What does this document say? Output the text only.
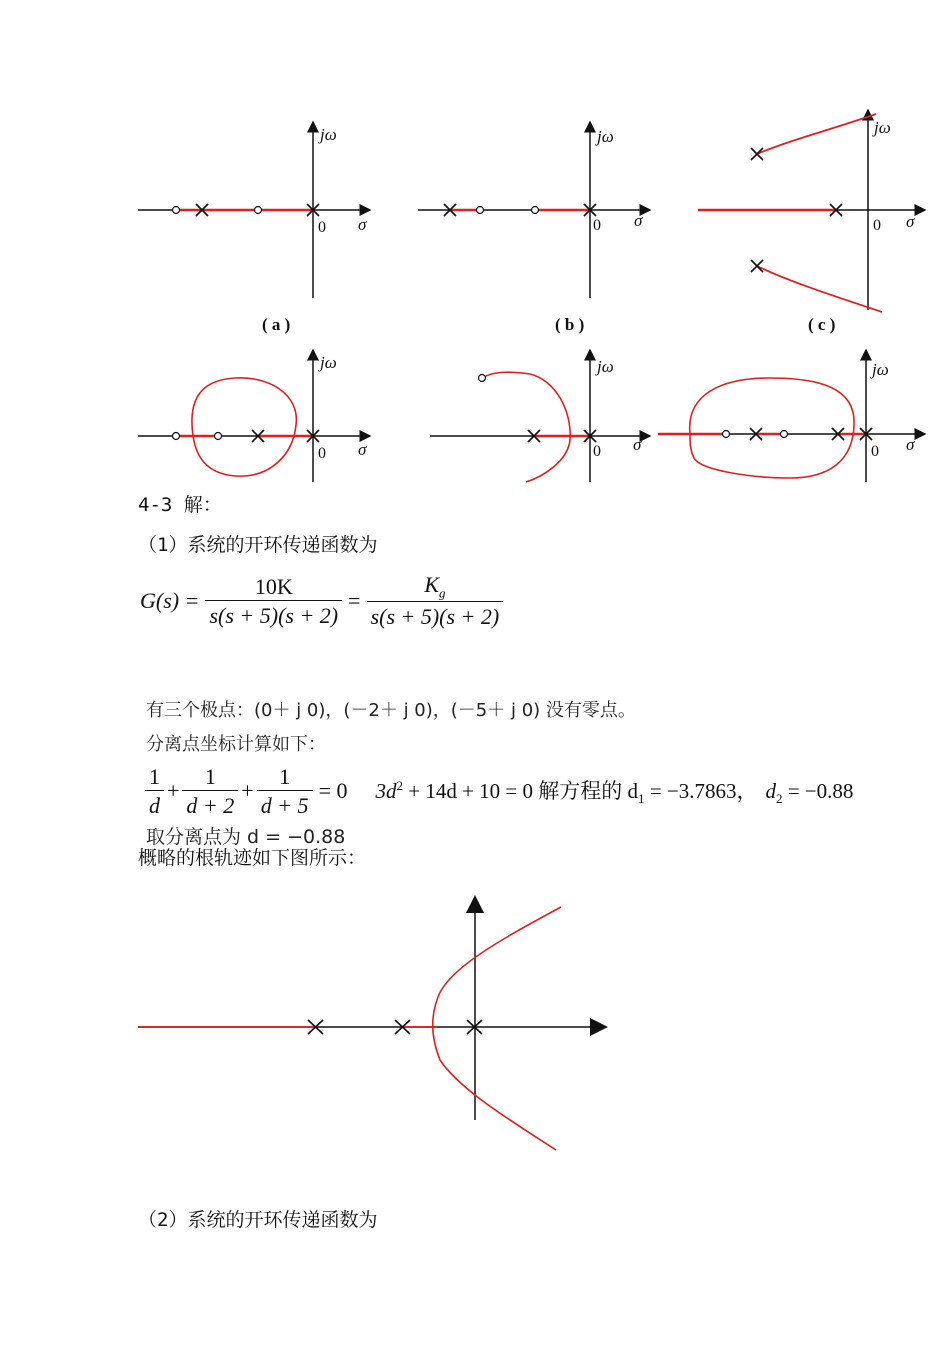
jω
σ
0
( a )
jω
σ
0
( b )
jω
σ
0
( c )
jω
σ
0
jω
σ
0
jω
σ
0
4-3 解：
（1）系统的开环传递函数为
$G(s) = \frac{10K}{s(s + 5)(s + 2)} = \frac{K_g}{s(s + 5)(s + 2)}$
有三个极点：(0＋ j 0)，(－2＋ j 0)，(－5＋ j 0) 没有零点。
分离点坐标计算如下：
$\frac{1}{d} + \frac{1}{d + 2} + \frac{1}{d + 5} = 0$ $3d^2 + 14d + 10 = 0$ 解方程的 $d_1 = -3.7863$， $d_2 = -0.88$
取分离点为 d = −0.88
概略的根轨迹如下图所示：
（2）系统的开环传递函数为
